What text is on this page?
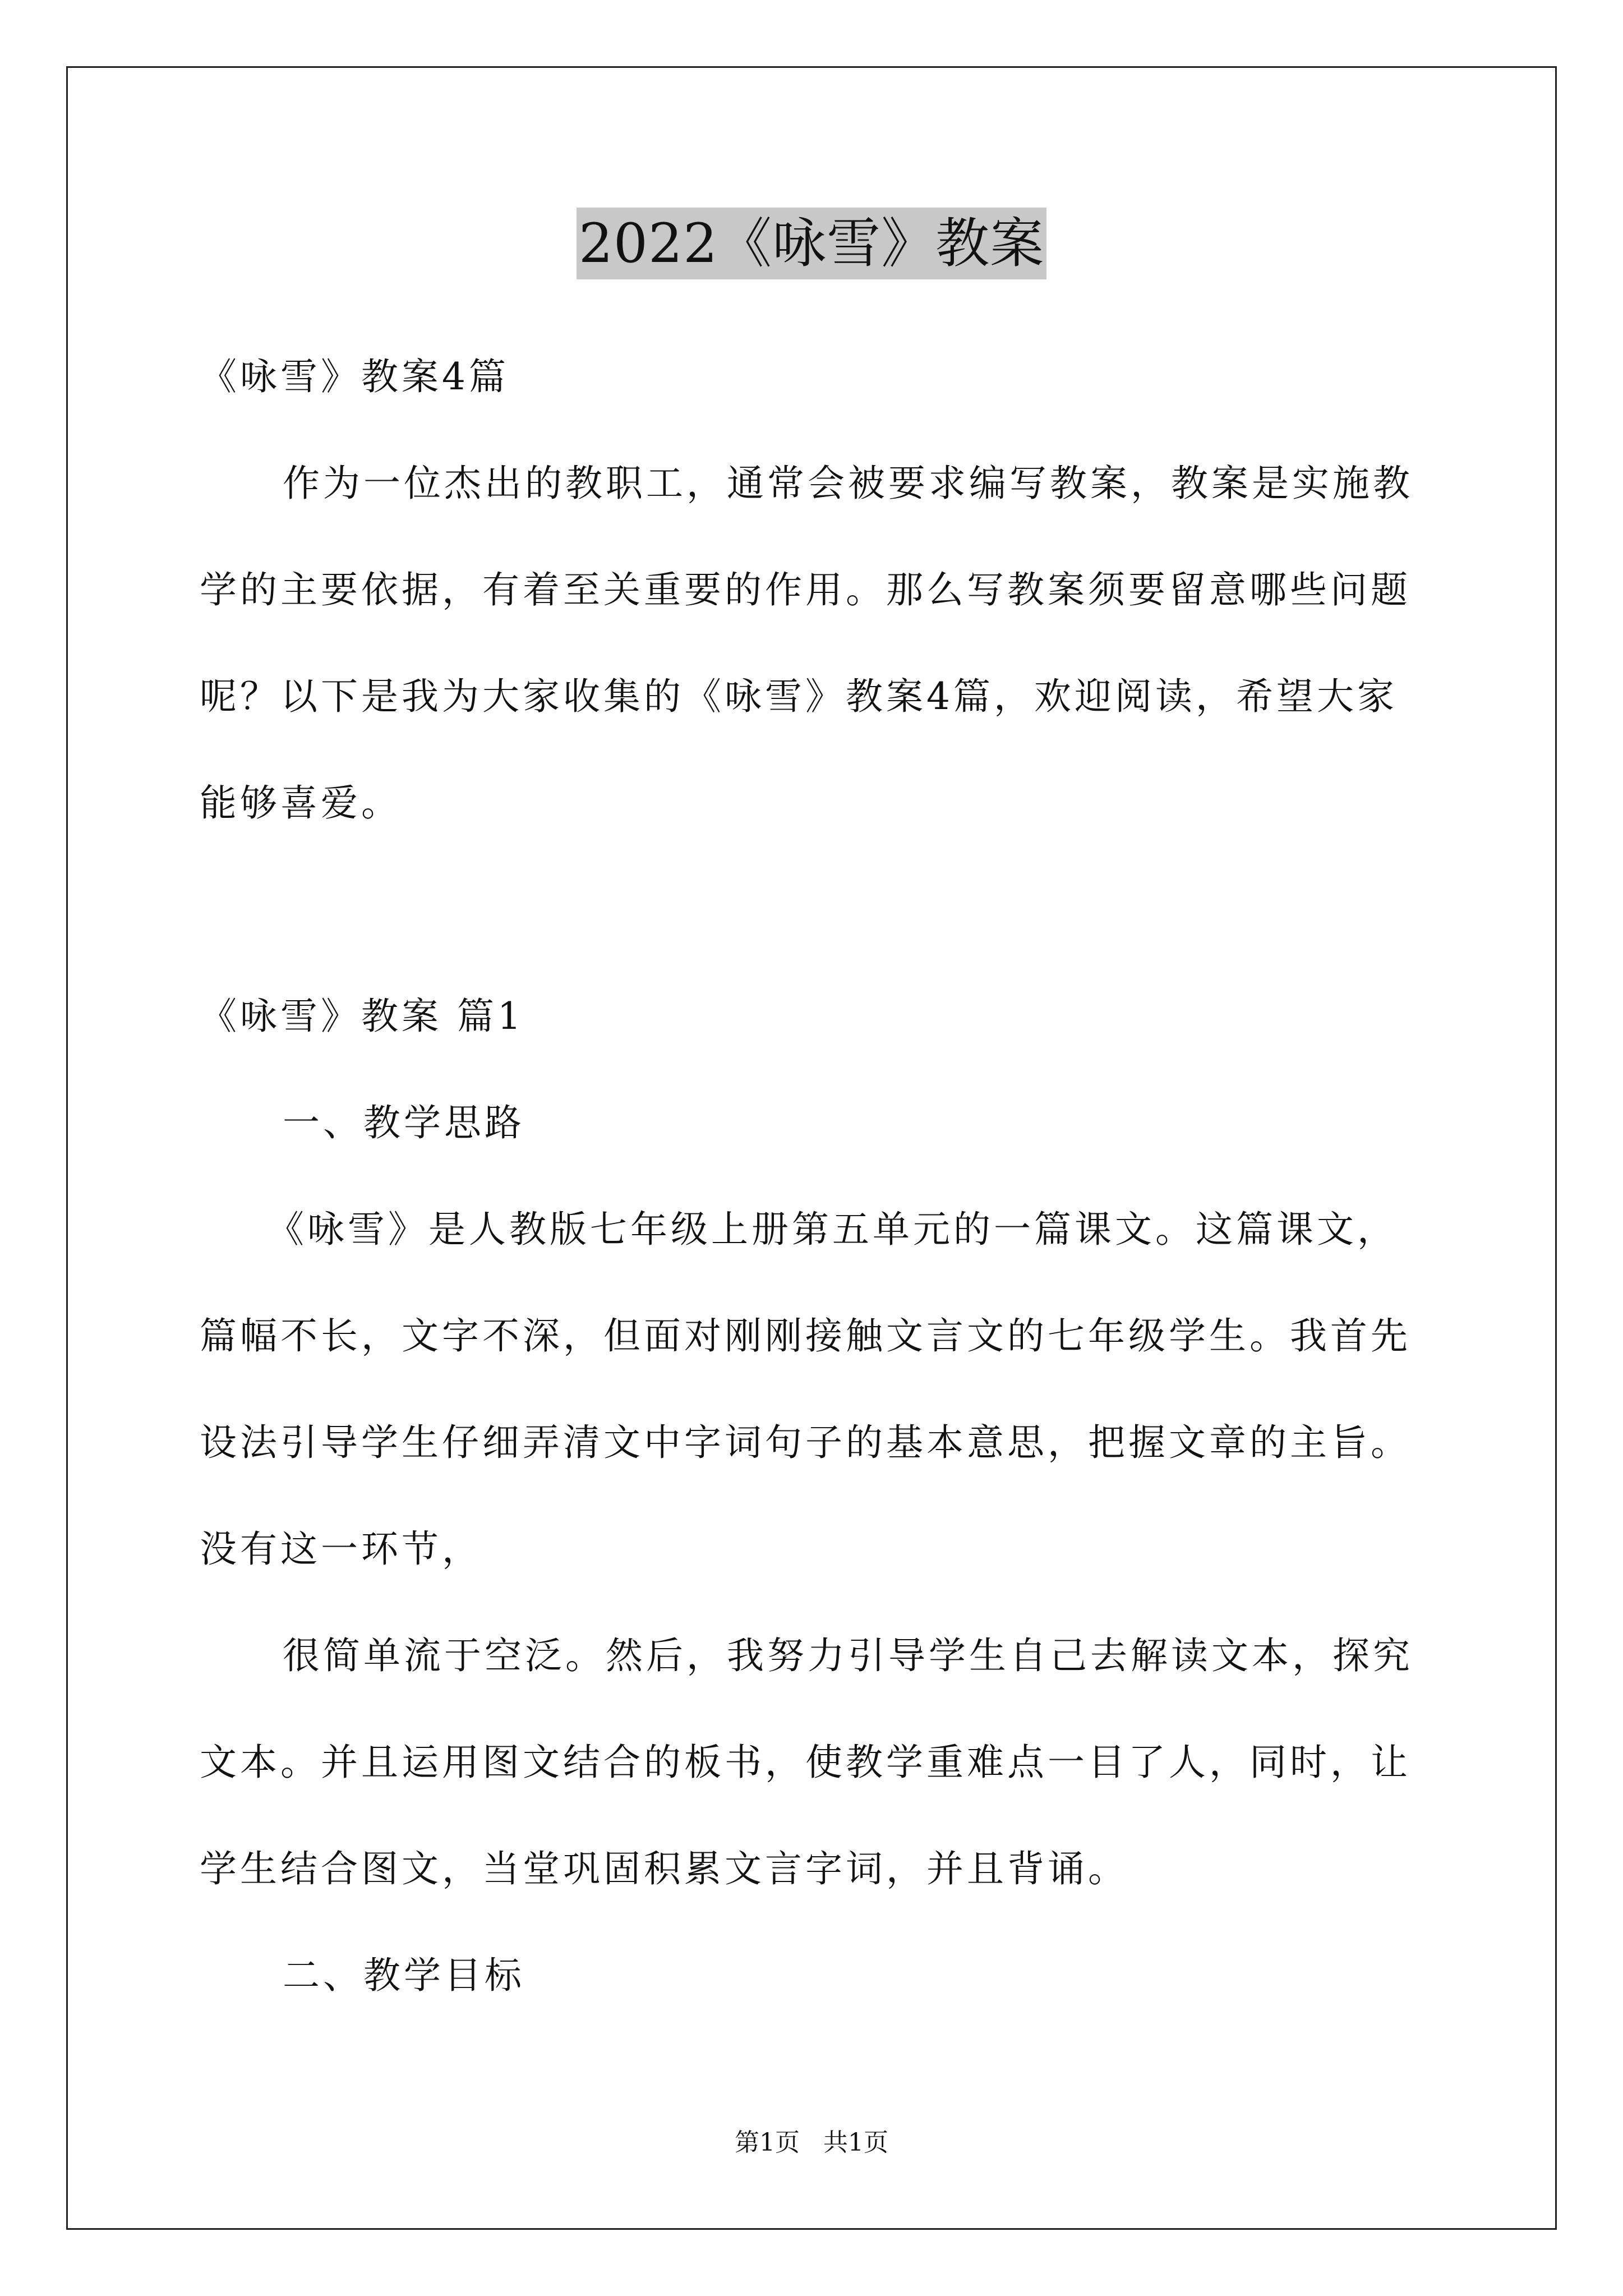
2022《咏雪》教案
《咏雪》教案4篇
作为一位杰出的教职工，通常会被要求编写教案，教案是实施教
学的主要依据，有着至关重要的作用。那么写教案须要留意哪些问题
呢？以下是我为大家收集的《咏雪》教案4篇，欢迎阅读，希望大家
能够喜爱。
《咏雪》教案 篇1
一、教学思路
《咏雪》是人教版七年级上册第五单元的一篇课文。这篇课文，
篇幅不长，文字不深，但面对刚刚接触文言文的七年级学生。我首先
设法引导学生仔细弄清文中字词句子的基本意思，把握文章的主旨。
没有这一环节，
很简单流于空泛。然后，我努力引导学生自己去解读文本，探究
文本。并且运用图文结合的板书，使教学重难点一目了人，同时，让
学生结合图文，当堂巩固积累文言字词，并且背诵。
二、教学目标
第1页   共1页
